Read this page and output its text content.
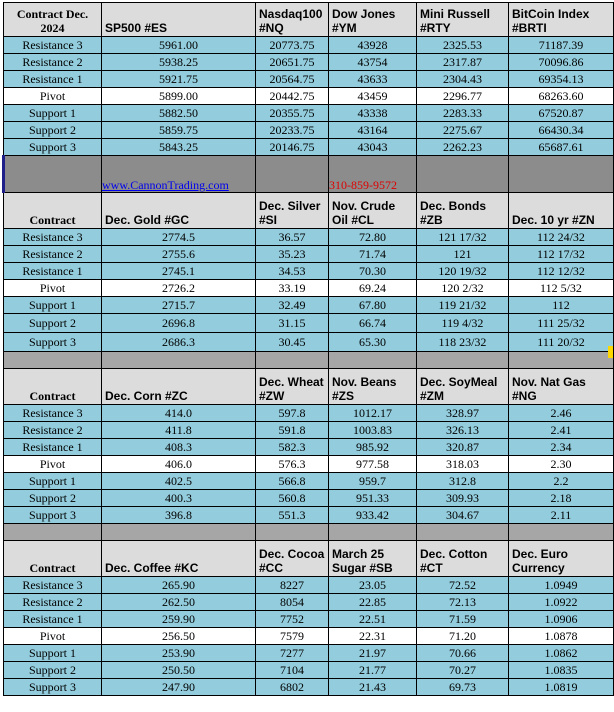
Contract Dec. 2024	SP500 #ES	Nasdaq100 #NQ	Dow Jones #YM	Mini Russell #RTY	BitCoin Index #BRTI
Resistance 3	5961.00	20773.75	43928	2325.53	71187.39
Resistance 2	5938.25	20651.75	43754	2317.87	70096.86
Resistance 1	5921.75	20564.75	43633	2304.43	69354.13
Pivot	5899.00	20442.75	43459	2296.77	68263.60
Support 1	5882.50	20355.75	43338	2283.33	67520.87
Support 2	5859.75	20233.75	43164	2275.67	66430.34
Support 3	5843.25	20146.75	43043	2262.23	65687.61
	www.CannonTrading.com		310-859-9572		
Contract	Dec. Gold #GC	Dec. Silver #SI	Nov. Crude Oil #CL	Dec. Bonds #ZB	Dec. 10 yr #ZN
Resistance 3	2774.5	36.57	72.80	121 17/32	112 24/32
Resistance 2	2755.6	35.23	71.74	121	112 17/32
Resistance 1	2745.1	34.53	70.30	120 19/32	112 12/32
Pivot	2726.2	33.19	69.24	120 2/32	112 5/32
Support 1	2715.7	32.49	67.80	119 21/32	112
Support 2	2696.8	31.15	66.74	119 4/32	111 25/32
Support 3	2686.3	30.45	65.30	118 23/32	111 20/32

Contract	Dec. Corn #ZC	Dec. Wheat #ZW	Nov. Beans #ZS	Dec. SoyMeal #ZM	Nov. Nat Gas #NG
Resistance 3	414.0	597.8	1012.17	328.97	2.46
Resistance 2	411.8	591.8	1003.83	326.13	2.41
Resistance 1	408.3	582.3	985.92	320.87	2.34
Pivot	406.0	576.3	977.58	318.03	2.30
Support 1	402.5	566.8	959.7	312.8	2.2
Support 2	400.3	560.8	951.33	309.93	2.18
Support 3	396.8	551.3	933.42	304.67	2.11

Contract	Dec. Coffee #KC	Dec. Cocoa #CC	March 25 Sugar #SB	Dec. Cotton #CT	Dec. Euro Currency
Resistance 3	265.90	8227	23.05	72.52	1.0949
Resistance 2	262.50	8054	22.85	72.13	1.0922
Resistance 1	259.90	7752	22.51	71.59	1.0906
Pivot	256.50	7579	22.31	71.20	1.0878
Support 1	253.90	7277	21.97	70.66	1.0862
Support 2	250.50	7104	21.77	70.27	1.0835
Support 3	247.90	6802	21.43	69.73	1.0819
